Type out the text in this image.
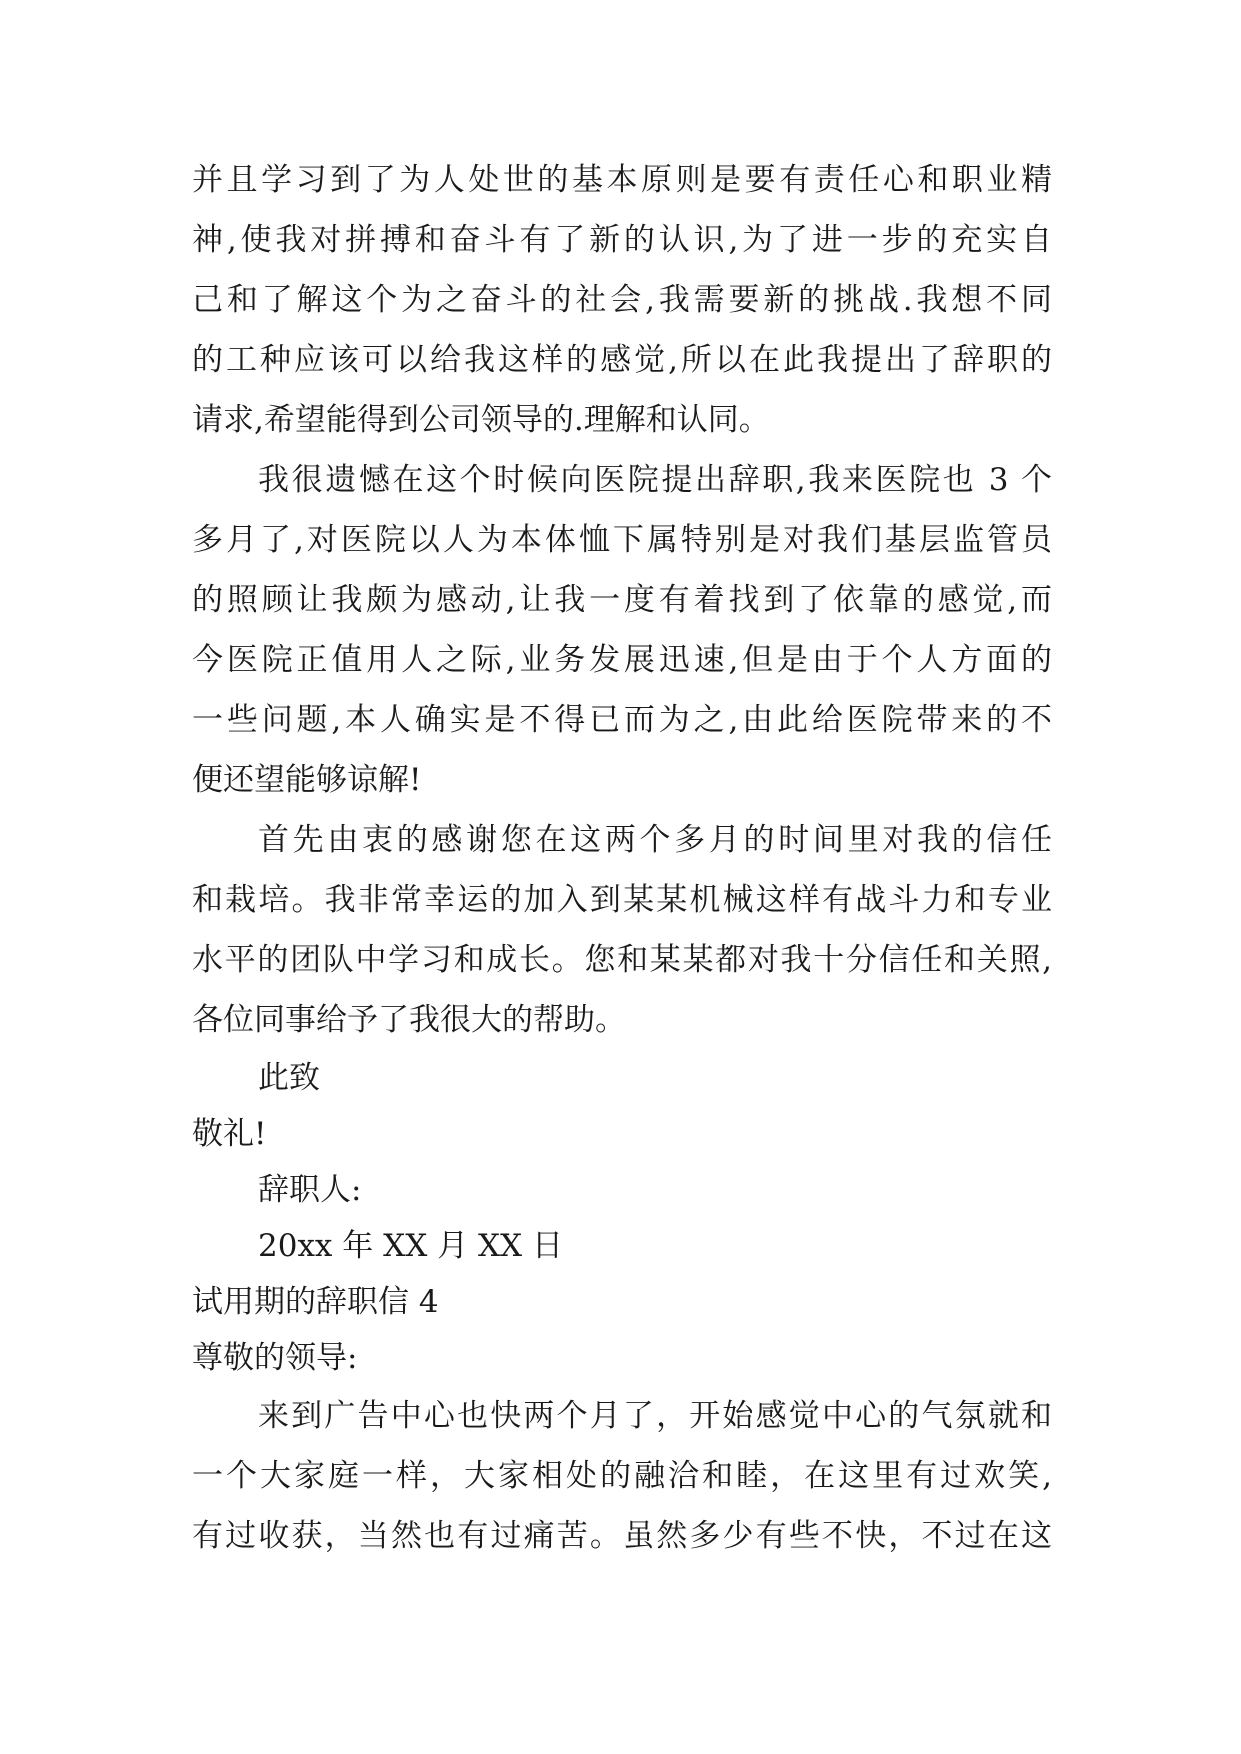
并且学习到了为人处世的基本原则是要有责任心和职业精
神,使我对拼搏和奋斗有了新的认识,为了进一步的充实自
己和了解这个为之奋斗的社会,我需要新的挑战.我想不同
的工种应该可以给我这样的感觉,所以在此我提出了辞职的
请求,希望能得到公司领导的.理解和认同。
我很遗憾在这个时候向医院提出辞职,我来医院也 3 个
多月了,对医院以人为本体恤下属特别是对我们基层监管员
的照顾让我颇为感动,让我一度有着找到了依靠的感觉,而
今医院正值用人之际,业务发展迅速,但是由于个人方面的
一些问题,本人确实是不得已而为之,由此给医院带来的不
便还望能够谅解!
首先由衷的感谢您在这两个多月的时间里对我的信任
和栽培。我非常幸运的加入到某某机械这样有战斗力和专业
水平的团队中学习和成长。您和某某都对我十分信任和关照,
各位同事给予了我很大的帮助。
此致
敬礼!
辞职人:
20xx 年 XX 月 XX 日
试用期的辞职信 4
尊敬的领导:
来到广告中心也快两个月了，开始感觉中心的气氛就和
一个大家庭一样，大家相处的融洽和睦，在这里有过欢笑,
有过收获，当然也有过痛苦。虽然多少有些不快，不过在这
